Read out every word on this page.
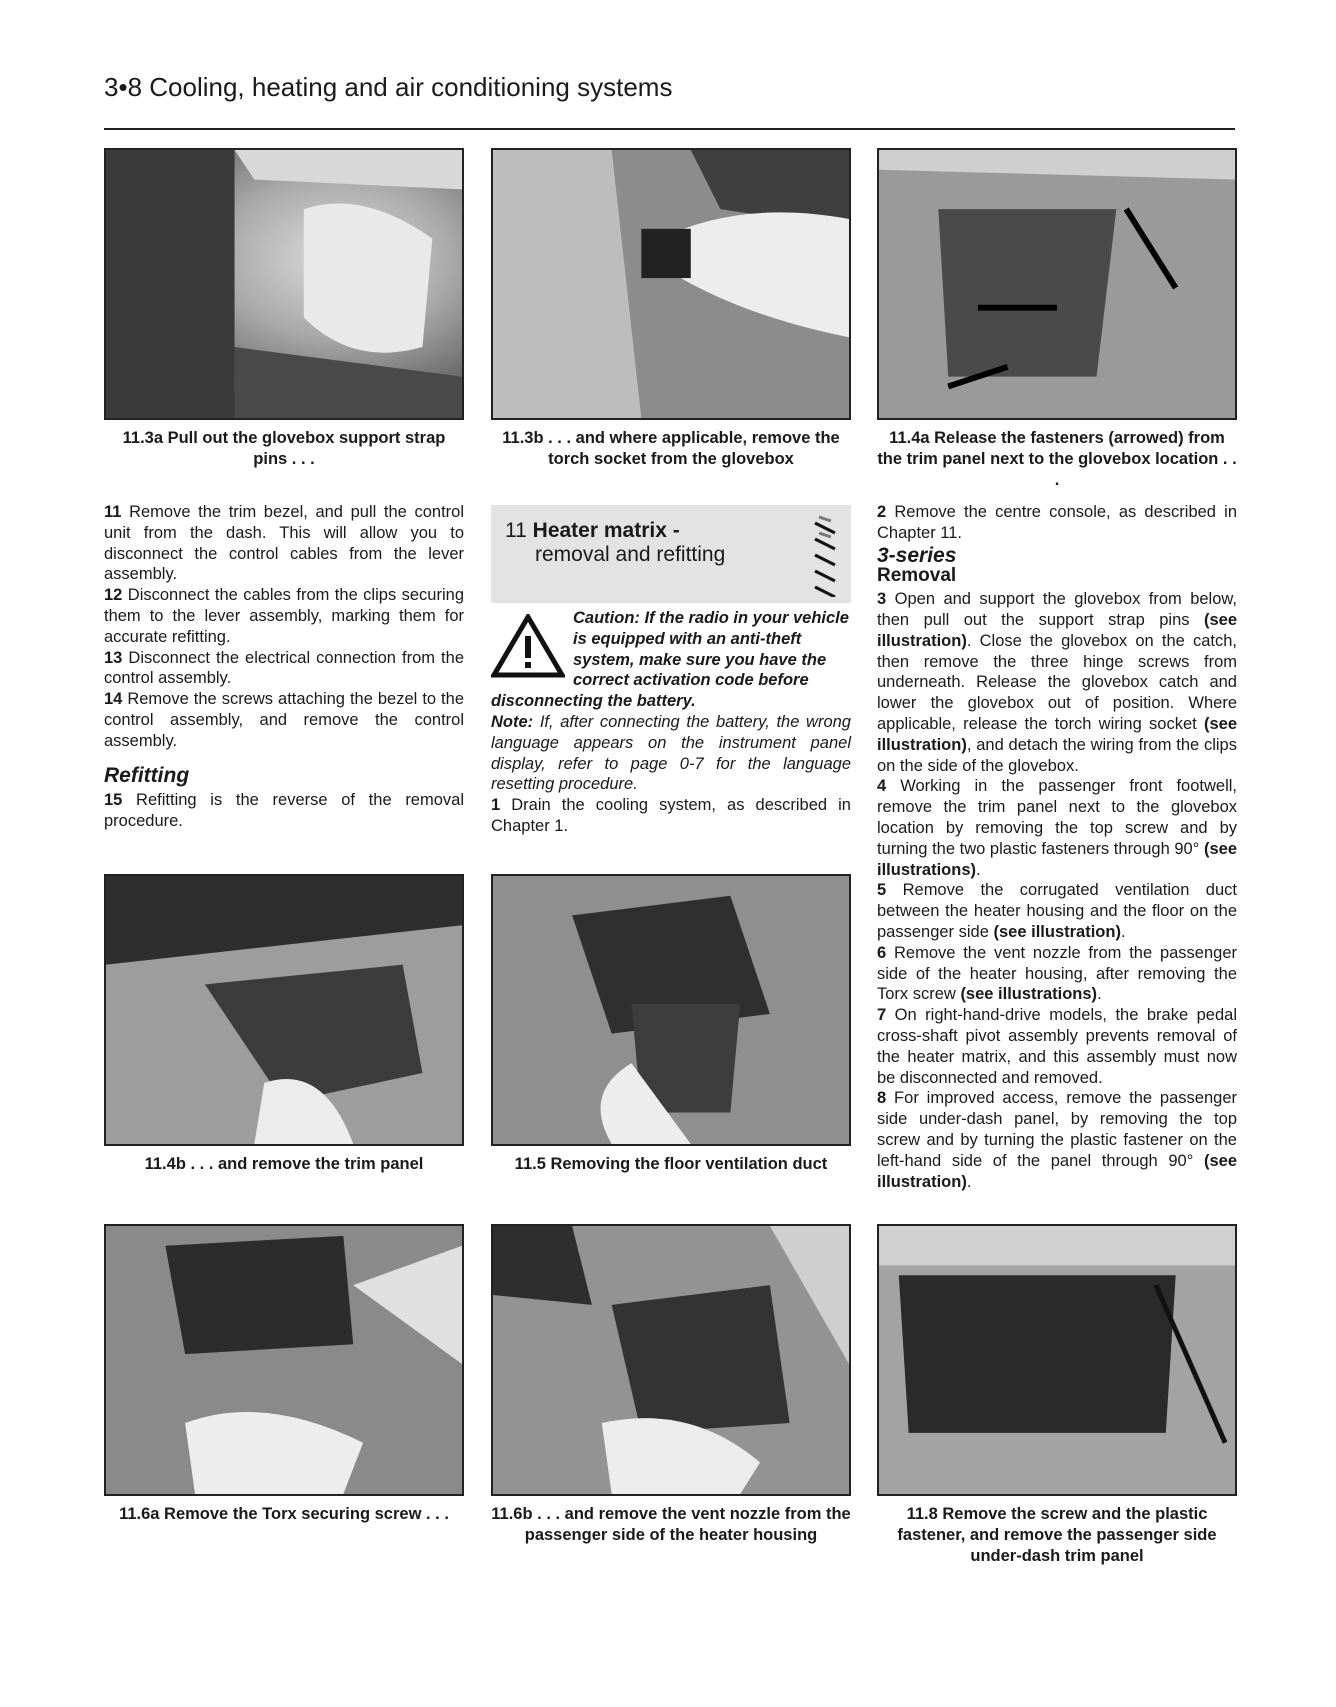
3•8 Cooling, heating and air conditioning systems
11.3a Pull out the glovebox support strap pins . . .
11.3b . . . and where applicable, remove the torch socket from the glovebox
11.4a Release the fasteners (arrowed) from the trim panel next to the glovebox location . . .

11 Remove the trim bezel, and pull the control unit from the dash. This will allow you to disconnect the control cables from the lever assembly.

12 Disconnect the cables from the clips securing them to the lever assembly, marking them for accurate refitting.

13 Disconnect the electrical connection from the control assembly.

14 Remove the screws attaching the bezel to the control assembly, and remove the control assembly.

Refitting

15 Refitting is the reverse of the removal procedure.

11 Heater matrix -
removal and refitting
Caution: If the radio in your vehicle is equipped with an anti-theft system, make sure you have the correct activation code before disconnecting the battery.
Note: If, after connecting the battery, the wrong language appears on the instrument panel display, refer to page 0-7 for the language resetting procedure.

1 Drain the cooling system, as described in Chapter 1.

2 Remove the centre console, as described in Chapter 11.

3-series
Removal

3 Open and support the glovebox from below, then pull out the support strap pins (see illustration). Close the glovebox on the catch, then remove the three hinge screws from underneath. Release the glovebox catch and lower the glovebox out of position. Where applicable, release the torch wiring socket (see illustration), and detach the wiring from the clips on the side of the glovebox.

4 Working in the passenger front footwell, remove the trim panel next to the glovebox location by removing the top screw and by turning the two plastic fasteners through 90° (see illustrations).

5 Remove the corrugated ventilation duct between the heater housing and the floor on the passenger side (see illustration).

6 Remove the vent nozzle from the passenger side of the heater housing, after removing the Torx screw (see illustrations).

7 On right-hand-drive models, the brake pedal cross-shaft pivot assembly prevents removal of the heater matrix, and this assembly must now be disconnected and removed.

8 For improved access, remove the passenger side under-dash panel, by removing the top screw and by turning the plastic fastener on the left-hand side of the panel through 90° (see illustration).

11.4b . . . and remove the trim panel	11.5 Removing the floor ventilation duct
11.6a Remove the Torx securing screw . . .	11.6b . . . and remove the vent nozzle from the passenger side of the heater housing
11.8 Remove the screw and the plastic fastener, and remove the passenger side under-dash trim panel
